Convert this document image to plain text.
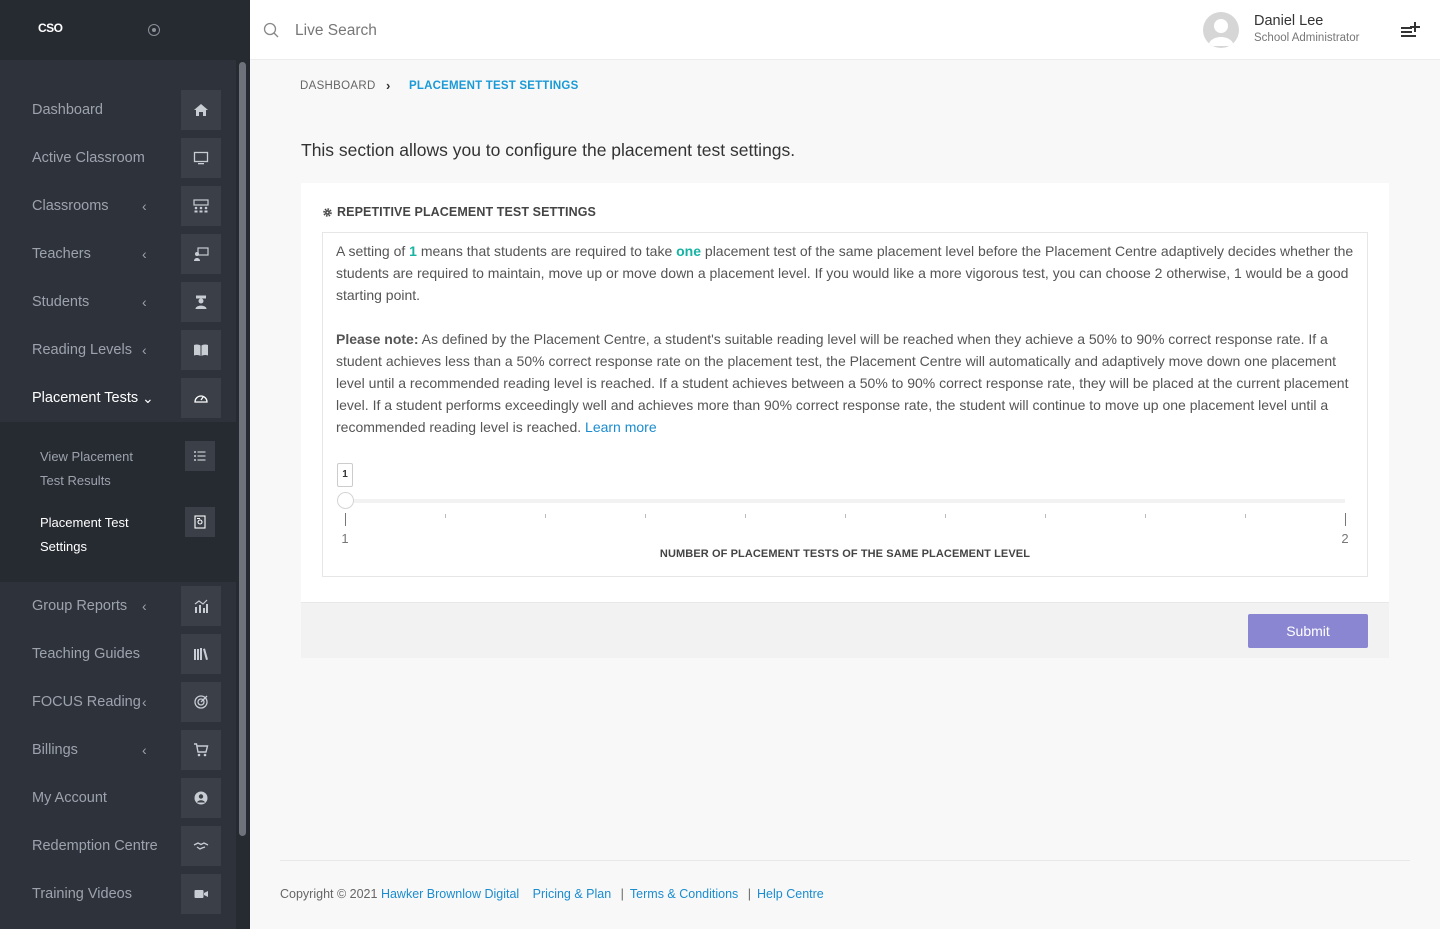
CSO
Dashboard
Active Classroom
Classrooms ‹
Teachers	‹
Students	‹
Reading Levels ‹
Placement Tests ⌄
View Placement Test Results
Placement Test Settings
Group Reports ‹
Teaching Guides
FOCUS Reading ‹
Billings	‹
My Account
Redemption Centre
Training Videos
Live Search
Daniel Lee
School Administrator
DASHBOARD › PLACEMENT TEST SETTINGS
This section allows you to configure the placement test settings.
REPETITIVE PLACEMENT TEST SETTINGS

A setting of 1 means that students are required to take one placement test of the same placement level before the Placement Centre adaptively decides whether the students are required to maintain, move up or move down a placement level. If you would like a more vigorous test, you can choose 2 otherwise, 1 would be a good starting point.

Please note: As defined by the Placement Centre, a student's suitable reading level will be reached when they achieve a 50% to 90% correct response rate. If a student achieves less than a 50% correct response rate on the placement test, the Placement Centre will automatically and adaptively move down one placement level until a recommended reading level is reached. If a student achieves between a 50% to 90% correct response rate, they will be placed at the current placement level. If a student performs exceedingly well and achieves more than 90% correct response rate, the student will continue to move up one placement level until a recommended reading level is reached. Learn more

1
1	2
NUMBER OF PLACEMENT TESTS OF THE SAME PLACEMENT LEVEL
Submit
Copyright © 2021 Hawker Brownlow Digital Pricing & Plan | Terms & Conditions | Help Centre
